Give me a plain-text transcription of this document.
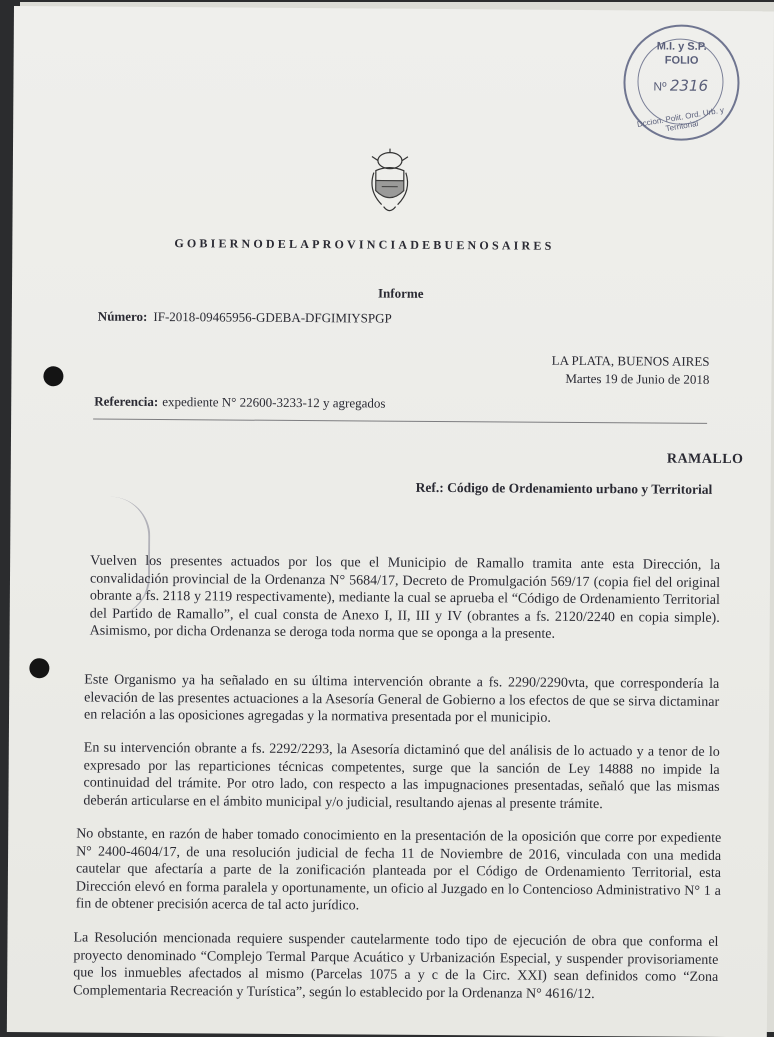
M.I. y S.P.
FOLIO
Nº 2316
Dccion. Polit. Ord. Urb. y Territorial

GOBIERNODELAPROVINCIADEBUENOSAIRES

Informe

Número: IF-2018-09465956-GDEBA-DFGIMIYSPGP

LA PLATA, BUENOS AIRES

Martes 19 de Junio de 2018

Referencia: expediente N° 22600-3233-12 y agregados

RAMALLO

Ref.: Código de Ordenamiento urbano y Territorial

Vuelven los presentes actuados por los que el Municipio de Ramallo tramita ante esta Dirección, la convalidación provincial de la Ordenanza N° 5684/17, Decreto de Promulgación 569/17 (copia fiel del original obrante a fs. 2118 y 2119 respectivamente), mediante la cual se aprueba el “Código de Ordenamiento Territorial del Partido de Ramallo”, el cual consta de Anexo I, II, III y IV (obrantes a fs. 2120/2240 en copia simple). Asimismo, por dicha Ordenanza se deroga toda norma que se oponga a la presente.

Este Organismo ya ha señalado en su última intervención obrante a fs. 2290/2290vta, que correspondería la elevación de las presentes actuaciones a la Asesoría General de Gobierno a los efectos de que se sirva dictaminar en relación a las oposiciones agregadas y la normativa presentada por el municipio.

En su intervención obrante a fs. 2292/2293, la Asesoría dictaminó que del análisis de lo actuado y a tenor de lo expresado por las reparticiones técnicas competentes, surge que la sanción de Ley 14888 no impide la continuidad del trámite. Por otro lado, con respecto a las impugnaciones presentadas, señaló que las mismas deberán articularse en el ámbito municipal y/o judicial, resultando ajenas al presente trámite.

No obstante, en razón de haber tomado conocimiento en la presentación de la oposición que corre por expediente N° 2400-4604/17, de una resolución judicial de fecha 11 de Noviembre de 2016, vinculada con una medida cautelar que afectaría a parte de la zonificación planteada por el Código de Ordenamiento Territorial, esta Dirección elevó en forma paralela y oportunamente, un oficio al Juzgado en lo Contencioso Administrativo N° 1 a fin de obtener precisión acerca de tal acto jurídico.

La Resolución mencionada requiere suspender cautelarmente todo tipo de ejecución de obra que conforma el proyecto denominado “Complejo Termal Parque Acuático y Urbanización Especial, y suspender provisoriamente que los inmuebles afectados al mismo (Parcelas 1075 a y c de la Circ. XXI) sean definidos como “Zona Complementaria Recreación y Turística”, según lo establecido por la Ordenanza N° 4616/12.
